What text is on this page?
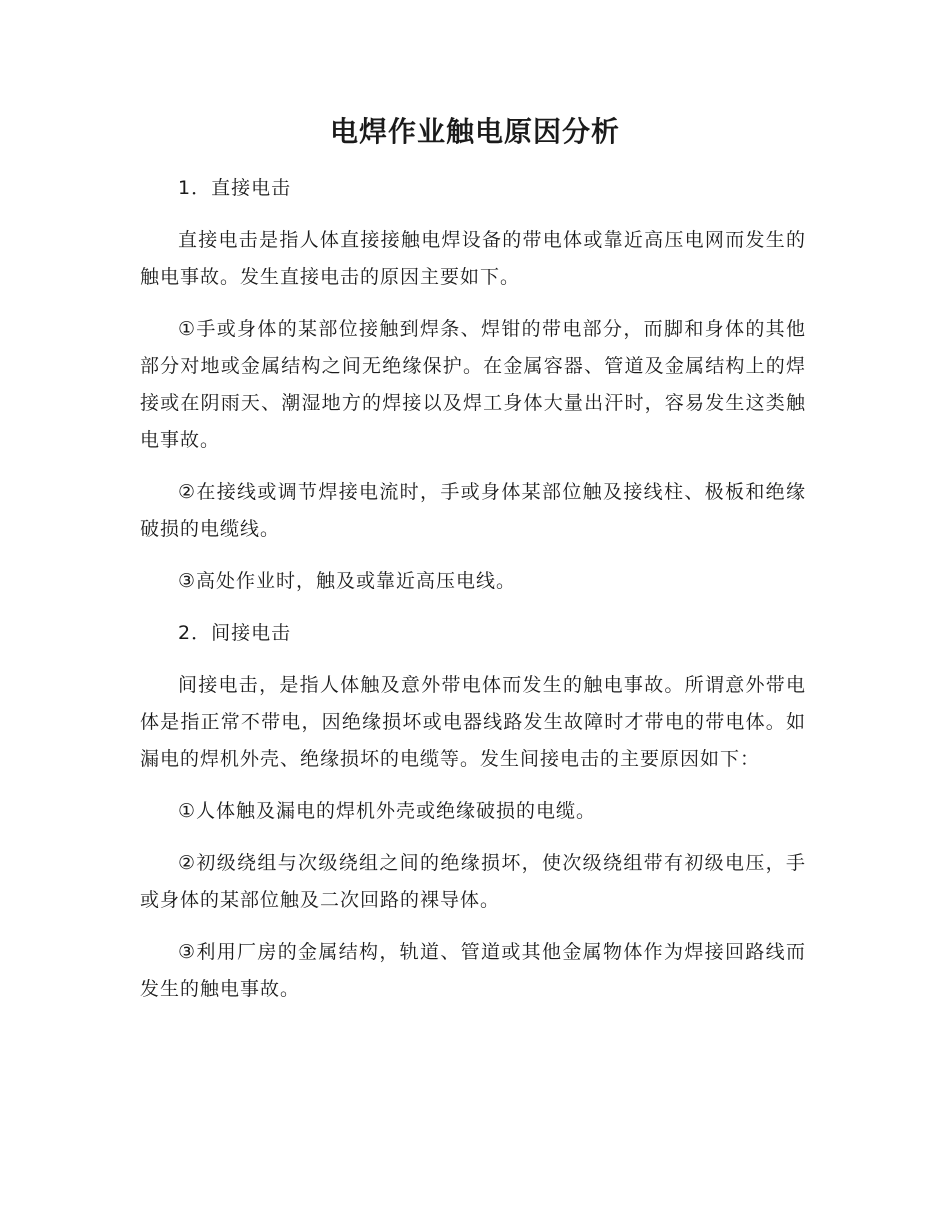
电焊作业触电原因分析

1．直接电击

直接电击是指人体直接接触电焊设备的带电体或靠近高压电网而发生的触电事故。发生直接电击的原因主要如下。

①手或身体的某部位接触到焊条、焊钳的带电部分，而脚和身体的其他部分对地或金属结构之间无绝缘保护。在金属容器、管道及金属结构上的焊接或在阴雨天、潮湿地方的焊接以及焊工身体大量出汗时，容易发生这类触电事故。

②在接线或调节焊接电流时，手或身体某部位触及接线柱、极板和绝缘破损的电缆线。

③高处作业时，触及或靠近高压电线。

2．间接电击

间接电击，是指人体触及意外带电体而发生的触电事故。所谓意外带电体是指正常不带电，因绝缘损坏或电器线路发生故障时才带电的带电体。如漏电的焊机外壳、绝缘损坏的电缆等。发生间接电击的主要原因如下：

①人体触及漏电的焊机外壳或绝缘破损的电缆。

②初级绕组与次级绕组之间的绝缘损坏，使次级绕组带有初级电压，手或身体的某部位触及二次回路的裸导体。

③利用厂房的金属结构，轨道、管道或其他金属物体作为焊接回路线而发生的触电事故。
